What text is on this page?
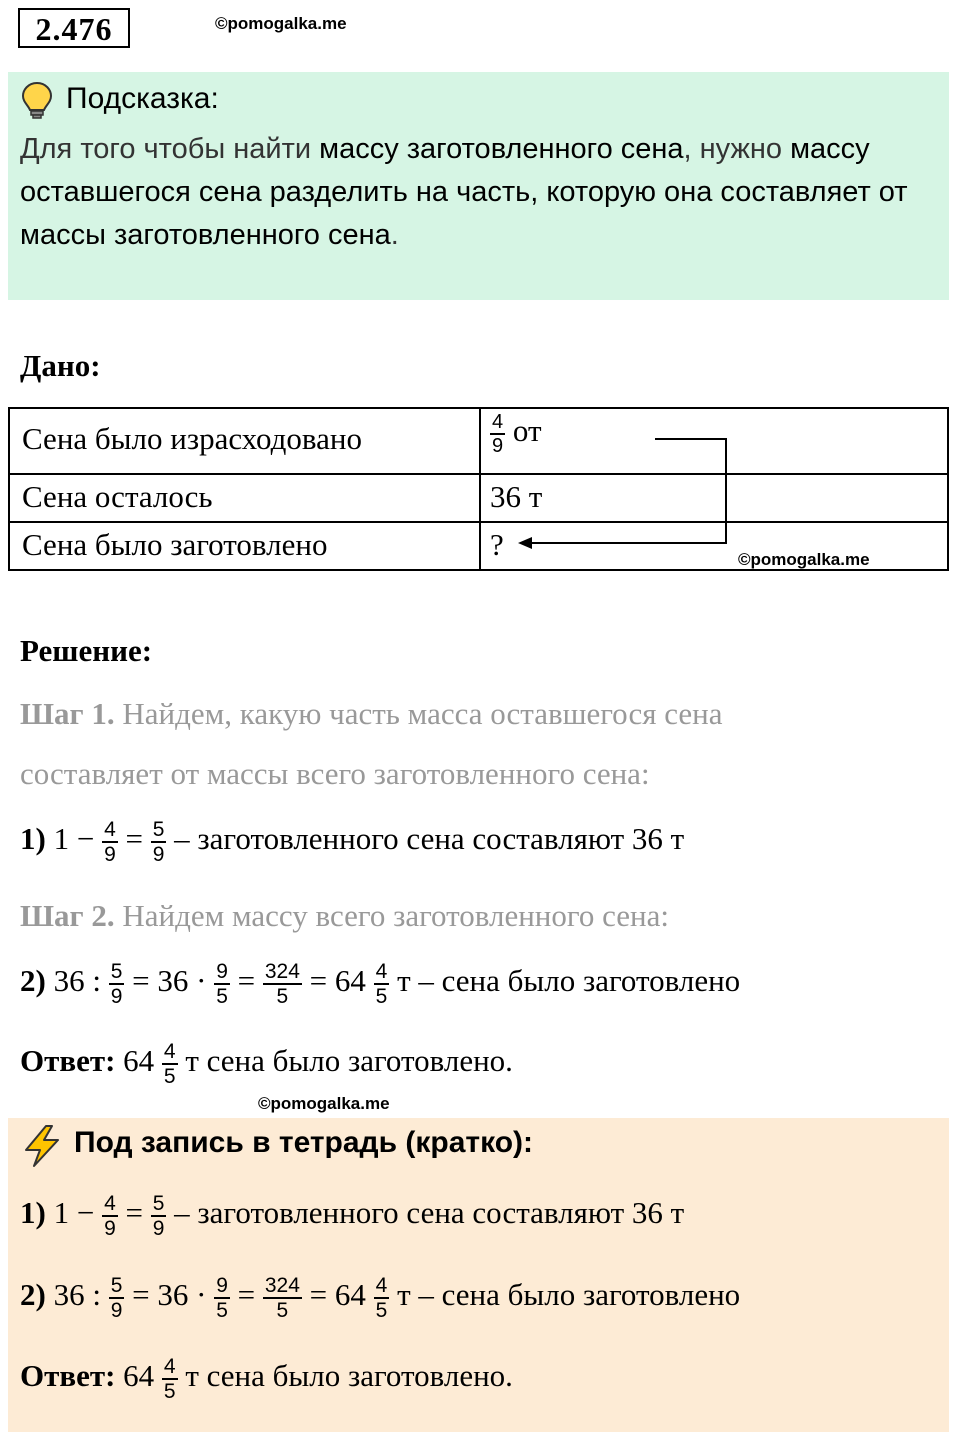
2.476	©pomogalka.me
Подсказка:
Для того чтобы найти массу заготовленного сена, нужно массу оставшегося сена разделить на часть, которую она составляет от массы заготовленного сена.
Дано:
Сена было израсходовано	$\frac{4}{9}$ от
Сена осталось	36 т
Сена было заготовлено	?	©pomogalka.me
Решение:
Шаг 1. Найдем, какую часть масса оставшегося сена
составляет от массы всего заготовленного сена:
1) $1 - \frac{4}{9} = \frac{5}{9}$ – заготовленного сена составляют 36 т
Шаг 2. Найдем массу всего заготовленного сена:
2) 36 : $\frac{5}{9} = 36 \cdot \frac{9}{5} = \frac{324}{5} = 64 \frac{4}{5}$ т – сена было заготовлено
Ответ: $64 \frac{4}{5}$ т сена было заготовлено.
©pomogalka.me
Под запись в тетрадь (кратко):
1) $1 - \frac{4}{9} = \frac{5}{9}$ – заготовленного сена составляют 36 т
2) 36 : $\frac{5}{9} = 36 \cdot \frac{9}{5} = \frac{324}{5} = 64 \frac{4}{5}$ т – сена было заготовлено
Ответ: $64 \frac{4}{5}$ т сена было заготовлено.
